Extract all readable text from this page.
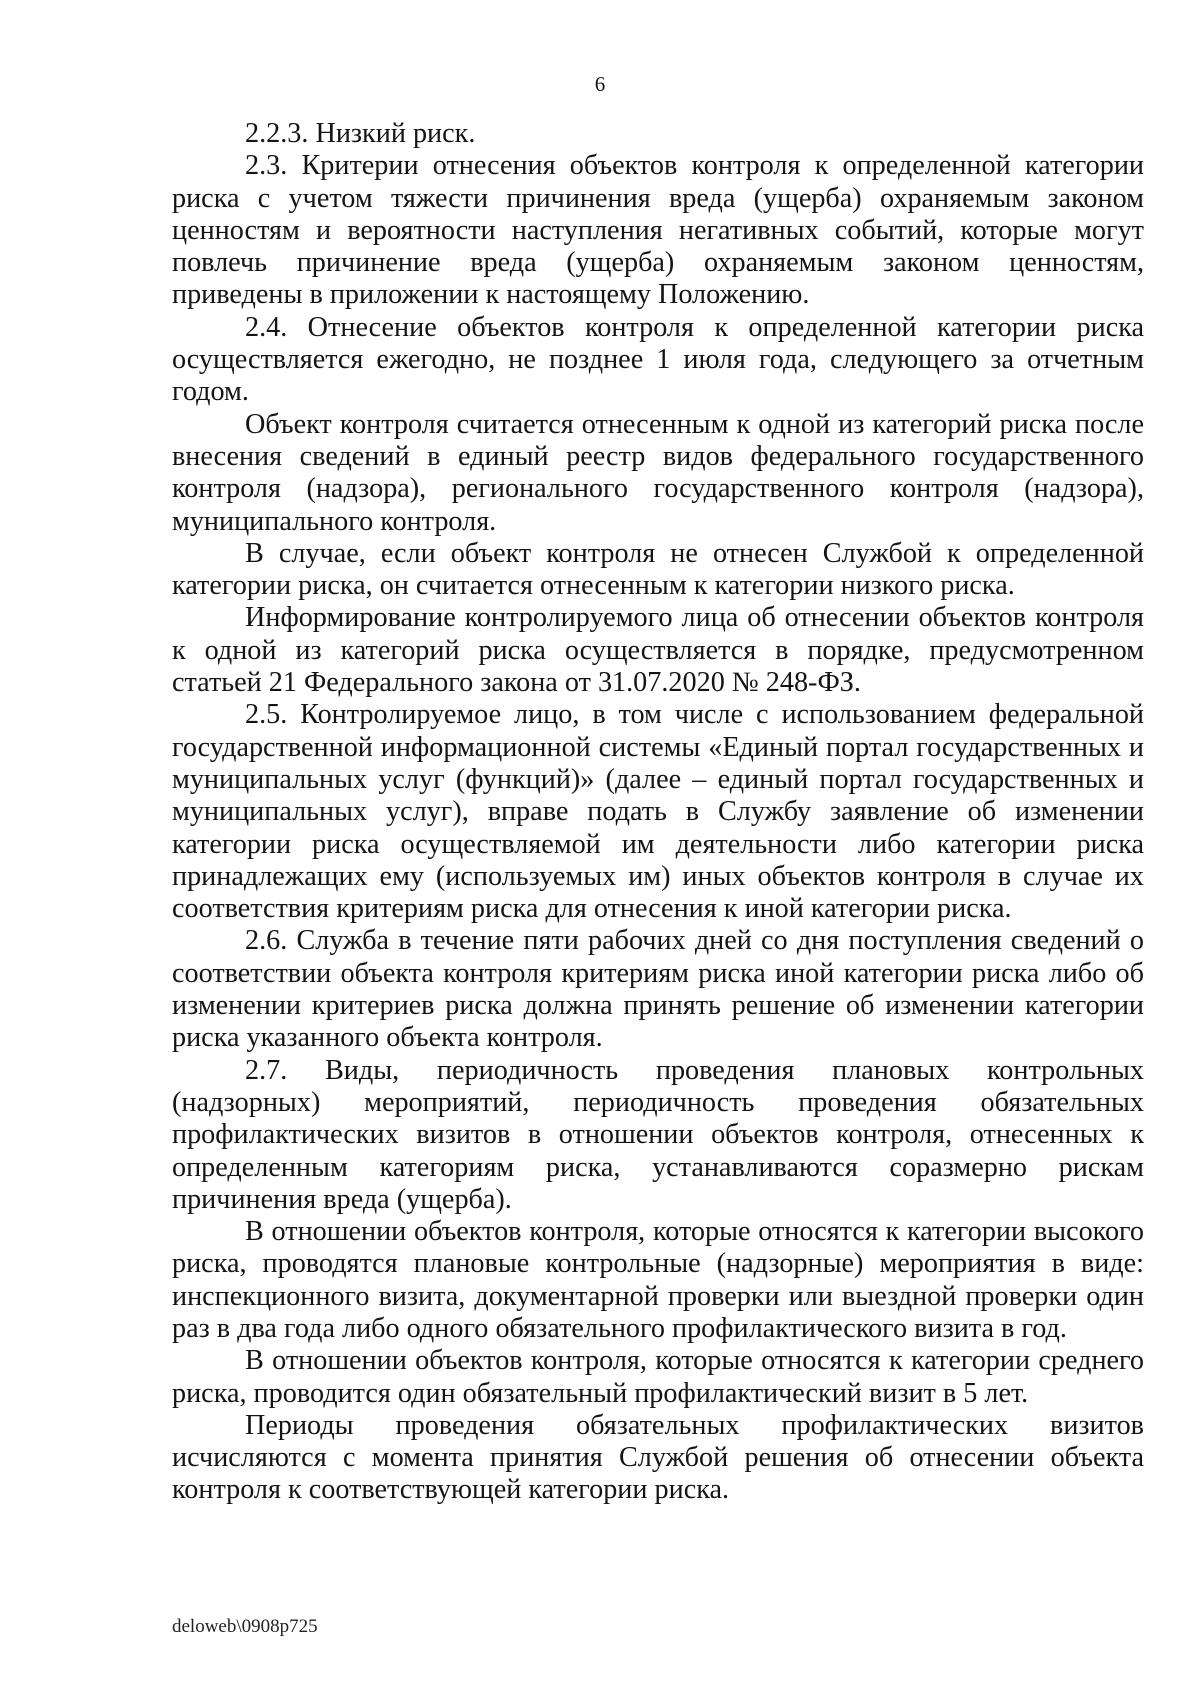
6

2.2.3. Низкий риск.

2.3. Критерии отнесения объектов контроля к определенной категории риска с учетом тяжести причинения вреда (ущерба) охраняемым законом ценностям и вероятности наступления негативных событий, которые могут повлечь причинение вреда (ущерба) охраняемым законом ценностям, приведены в приложении к настоящему Положению.

2.4. Отнесение объектов контроля к определенной категории риска осуществляется ежегодно, не позднее 1 июля года, следующего за отчетным годом.

Объект контроля считается отнесенным к одной из категорий риска после внесения сведений в единый реестр видов федерального государственного контроля (надзора), регионального государственного контроля (надзора), муниципального контроля.

В случае, если объект контроля не отнесен Службой к определенной категории риска, он считается отнесенным к категории низкого риска.

Информирование контролируемого лица об отнесении объектов контроля к одной из категорий риска осуществляется в порядке, предусмотренном статьей 21 Федерального закона от 31.07.2020 № 248-ФЗ.

2.5. Контролируемое лицо, в том числе с использованием федеральной государственной информационной системы «Единый портал государственных и муниципальных услуг (функций)» (далее – единый портал государственных и муниципальных услуг), вправе подать в Службу заявление об изменении категории риска осуществляемой им деятельности либо категории риска принадлежащих ему (используемых им) иных объектов контроля в случае их соответствия критериям риска для отнесения к иной категории риска.

2.6. Служба в течение пяти рабочих дней со дня поступления сведений о соответствии объекта контроля критериям риска иной категории риска либо об изменении критериев риска должна принять решение об изменении категории риска указанного объекта контроля.

2.7. Виды, периодичность проведения плановых контрольных (надзорных) мероприятий, периодичность проведения обязательных профилактических визитов в отношении объектов контроля, отнесенных к определенным категориям риска, устанавливаются соразмерно рискам причинения вреда (ущерба).

В отношении объектов контроля, которые относятся к категории высокого риска, проводятся плановые контрольные (надзорные) мероприятия в виде: инспекционного визита, документарной проверки или выездной проверки один раз в два года либо одного обязательного профилактического визита в год.

В отношении объектов контроля, которые относятся к категории среднего риска, проводится один обязательный профилактический визит в 5 лет.

Периоды проведения обязательных профилактических визитов исчисляются с момента принятия Службой решения об отнесении объекта контроля к соответствующей категории риска.

deloweb\0908p725
